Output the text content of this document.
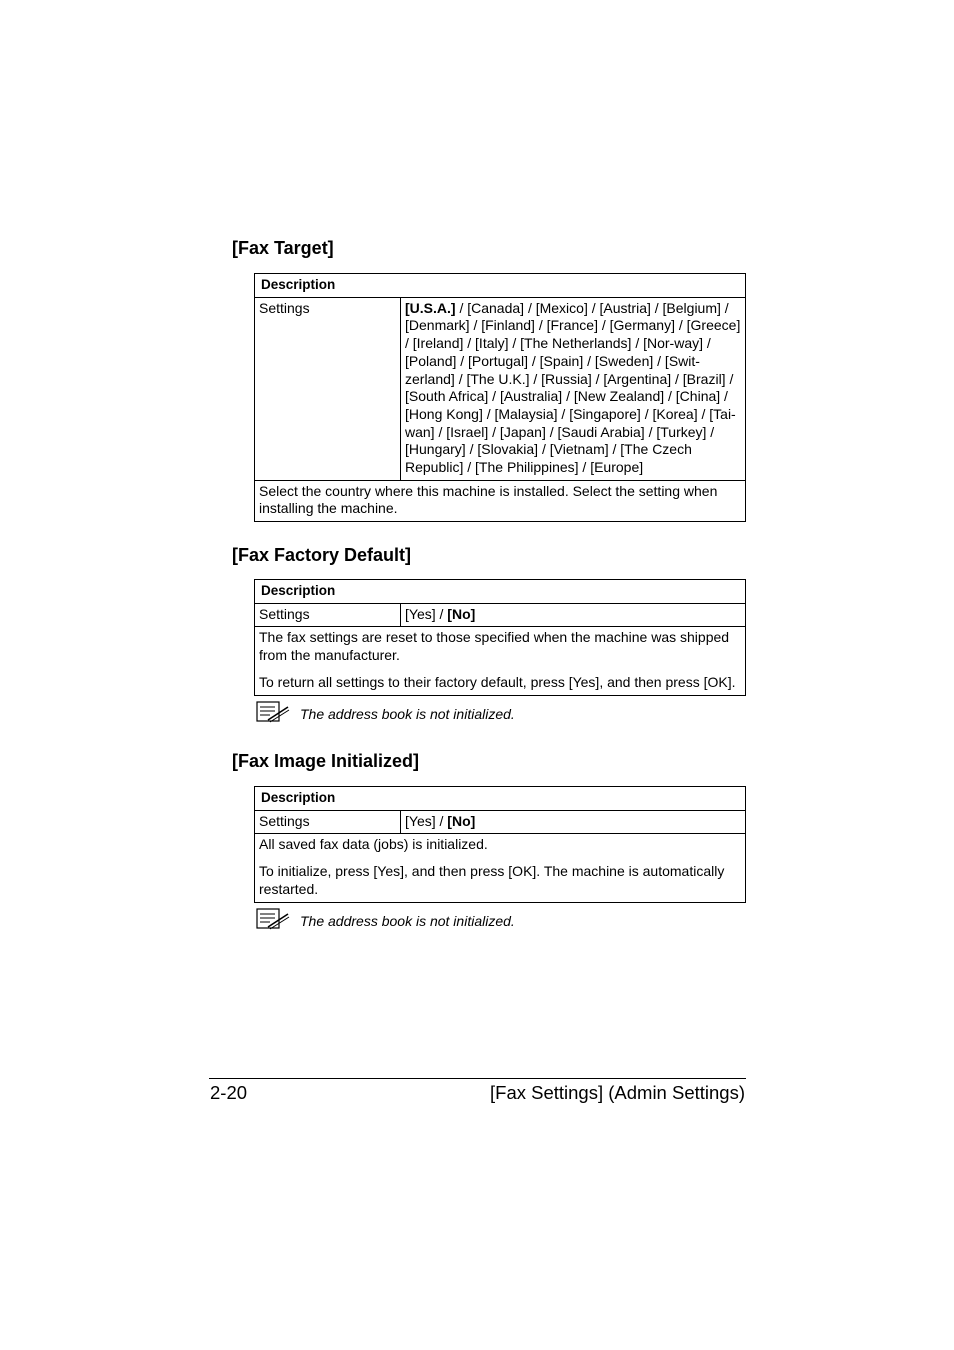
[Fax Target]
Description
Settings	[U.S.A.] / [Canada] / [Mexico] / [Austria] / [Belgium] / [Denmark] / [Finland] / [France] / [Germany] / [Greece] / [Ireland] / [Italy] / [The Netherlands] / [Nor-way] / [Poland] / [Portugal] / [Spain] / [Sweden] / [Swit-zerland] / [The U.K.] / [Russia] / [Argentina] / [Brazil] / [South Africa] / [Australia] / [New Zealand] / [China] / [Hong Kong] / [Malaysia] / [Singapore] / [Korea] / [Tai-wan] / [Israel] / [Japan] / [Saudi Arabia] / [Turkey] / [Hungary] / [Slovakia] / [Vietnam] / [The Czech Republic] / [The Philippines] / [Europe]

Select the country where this machine is installed. Select the setting when installing the machine.

[Fax Factory Default]
Description
Settings	[Yes] / [No]

The fax settings are reset to those specified when the machine was shipped from the manufacturer.

To return all settings to their factory default, press [Yes], and then press [OK].

The address book is not initialized.
[Fax Image Initialized]
Description
Settings	[Yes] / [No]

All saved fax data (jobs) is initialized.

To initialize, press [Yes], and then press [OK]. The machine is automatically restarted.

The address book is not initialized.
2-20	[Fax Settings] (Admin Settings)
